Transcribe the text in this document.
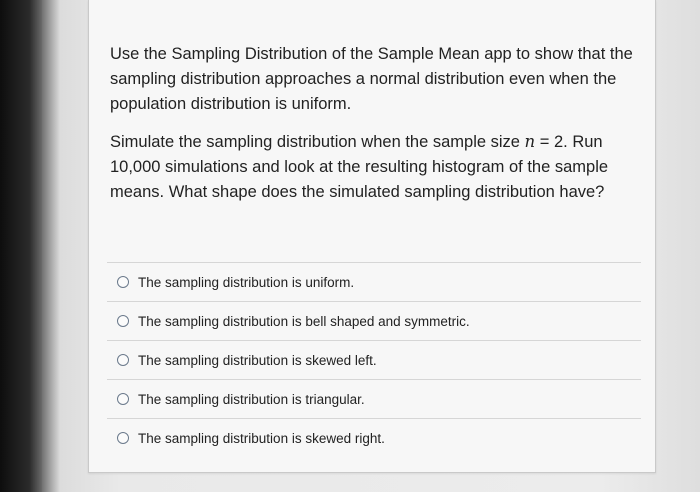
Use the Sampling Distribution of the Sample Mean app to show that the sampling distribution approaches a normal distribution even when the population distribution is uniform.

Simulate the sampling distribution when the sample size n = 2. Run 10,000 simulations and look at the resulting histogram of the sample means. What shape does the simulated sampling distribution have?

The sampling distribution is uniform.
The sampling distribution is bell shaped and symmetric.
The sampling distribution is skewed left.
The sampling distribution is triangular.
The sampling distribution is skewed right.
